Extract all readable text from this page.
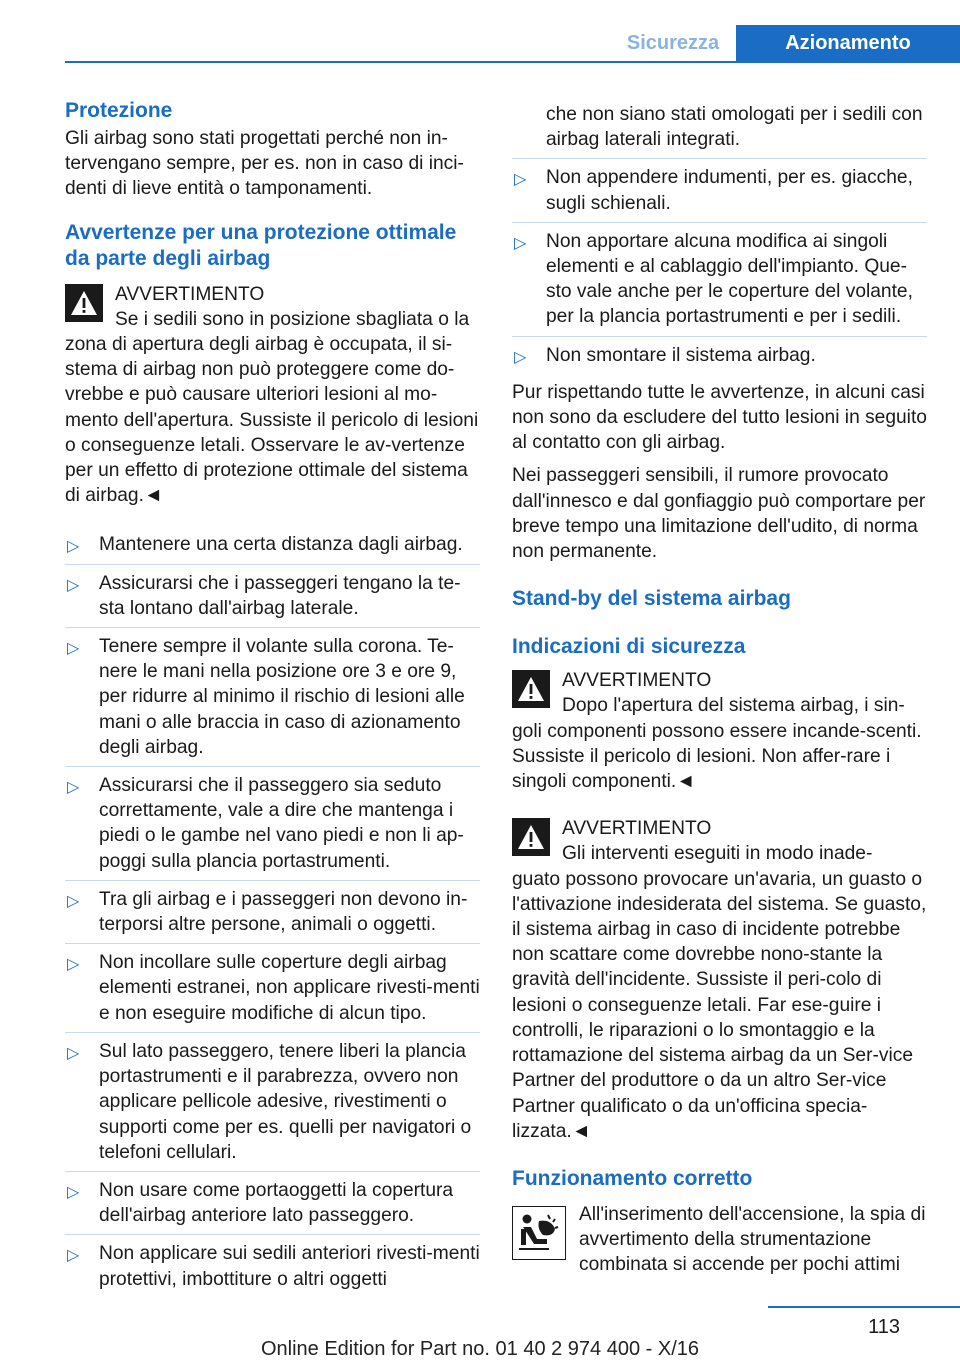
Sicurezza	Azionamento
Protezione

Gli airbag sono stati progettati perché non in-tervengano sempre, per es. non in caso di inci-denti di lieve entità o tamponamenti.

Avvertenze per una protezione ottimale da parte degli airbag
AVVERTIMENTO
Se i sedili sono in posizione sbagliata o la
zona di apertura degli airbag è occupata, il si-stema di airbag non può proteggere come do-vrebbe e può causare ulteriori lesioni al mo-mento dell'apertura. Sussiste il pericolo di lesioni o conseguenze letali. Osservare le av-vertenze per un effetto di protezione ottimale del sistema di airbag.◄
▷ Mantenere una certa distanza dagli airbag.
▷ Assicurarsi che i passeggeri tengano la te-sta lontano dall'airbag laterale.
▷ Tenere sempre il volante sulla corona. Te-nere le mani nella posizione ore 3 e ore 9, per ridurre al minimo il rischio di lesioni alle mani o alle braccia in caso di azionamento degli airbag.
▷ Assicurarsi che il passeggero sia seduto correttamente, vale a dire che mantenga i piedi o le gambe nel vano piedi e non li ap-poggi sulla plancia portastrumenti.
▷ Tra gli airbag e i passeggeri non devono in-terporsi altre persone, animali o oggetti.
▷ Non incollare sulle coperture degli airbag elementi estranei, non applicare rivesti-menti e non eseguire modifiche di alcun tipo.
▷ Sul lato passeggero, tenere liberi la plancia portastrumenti e il parabrezza, ovvero non applicare pellicole adesive, rivestimenti o supporti come per es. quelli per navigatori o telefoni cellulari.
▷ Non usare come portaoggetti la copertura dell'airbag anteriore lato passeggero.
▷ Non applicare sui sedili anteriori rivesti-menti protettivi, imbottiture o altri oggetti
che non siano stati omologati per i sedili con airbag laterali integrati.
▷ Non appendere indumenti, per es. giacche, sugli schienali.
▷ Non apportare alcuna modifica ai singoli elementi e al cablaggio dell'impianto. Que-sto vale anche per le coperture del volante, per la plancia portastrumenti e per i sedili.
▷ Non smontare il sistema airbag.

Pur rispettando tutte le avvertenze, in alcuni casi non sono da escludere del tutto lesioni in seguito al contatto con gli airbag.

Nei passeggeri sensibili, il rumore provocato dall'innesco e dal gonfiaggio può comportare per breve tempo una limitazione dell'udito, di norma non permanente.

Stand-by del sistema airbag
Indicazioni di sicurezza
AVVERTIMENTO
Dopo l'apertura del sistema airbag, i sin-
goli componenti possono essere incande-scenti. Sussiste il pericolo di lesioni. Non affer-rare i singoli componenti.◄
AVVERTIMENTO
Gli interventi eseguiti in modo inade-
guato possono provocare un'avaria, un guasto o l'attivazione indesiderata del sistema. Se guasto, il sistema airbag in caso di incidente potrebbe non scattare come dovrebbe nono-stante la gravità dell'incidente. Sussiste il peri-colo di lesioni o conseguenze letali. Far ese-guire i controlli, le riparazioni o lo smontaggio e la rottamazione del sistema airbag da un Ser-vice Partner del produttore o da un altro Ser-vice Partner qualificato o da un'officina specia-lizzata.◄
Funzionamento corretto
All'inserimento dell'accensione, la spia di avvertimento della strumentazione combinata si accende per pochi attimi
113
Online Edition for Part no. 01 40 2 974 400 - X/16
